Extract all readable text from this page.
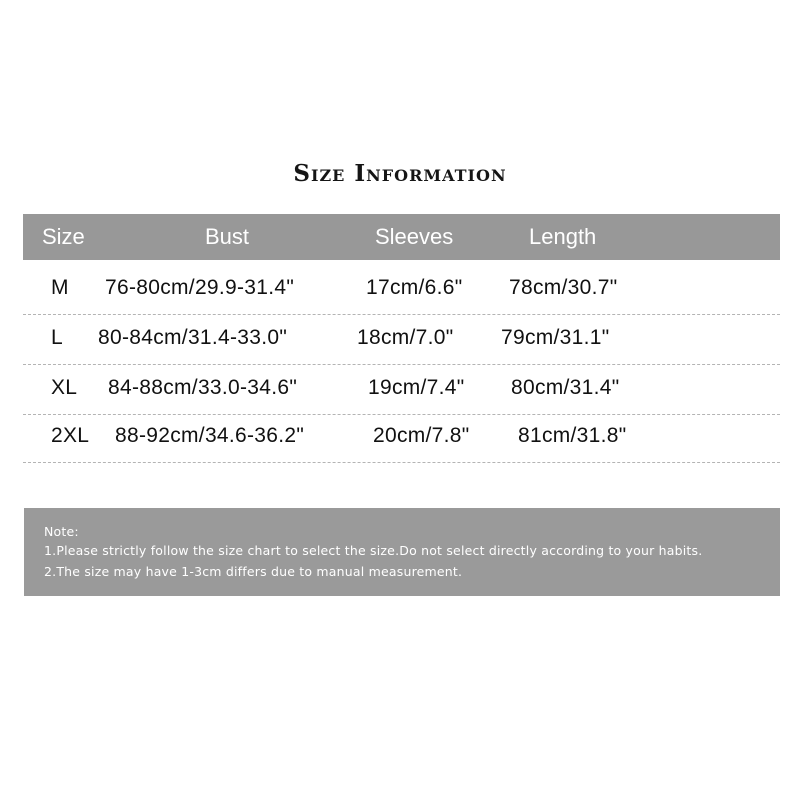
Size Information
Size	Bust	Sleeves	Length
M 76-80cm/29.9-31.4"	17cm/6.6" 78cm/30.7"
L 80-84cm/31.4-33.0"	18cm/7.0" 79cm/31.1"
XL 84-88cm/33.0-34.6"	19cm/7.4" 80cm/31.4"
2XL 88-92cm/34.6-36.2"	20cm/7.8" 81cm/31.8"
Note:
1.Please strictly follow the size chart to select the size.Do not select directly according to your habits.
2.The size may have 1-3cm differs due to manual measurement.
